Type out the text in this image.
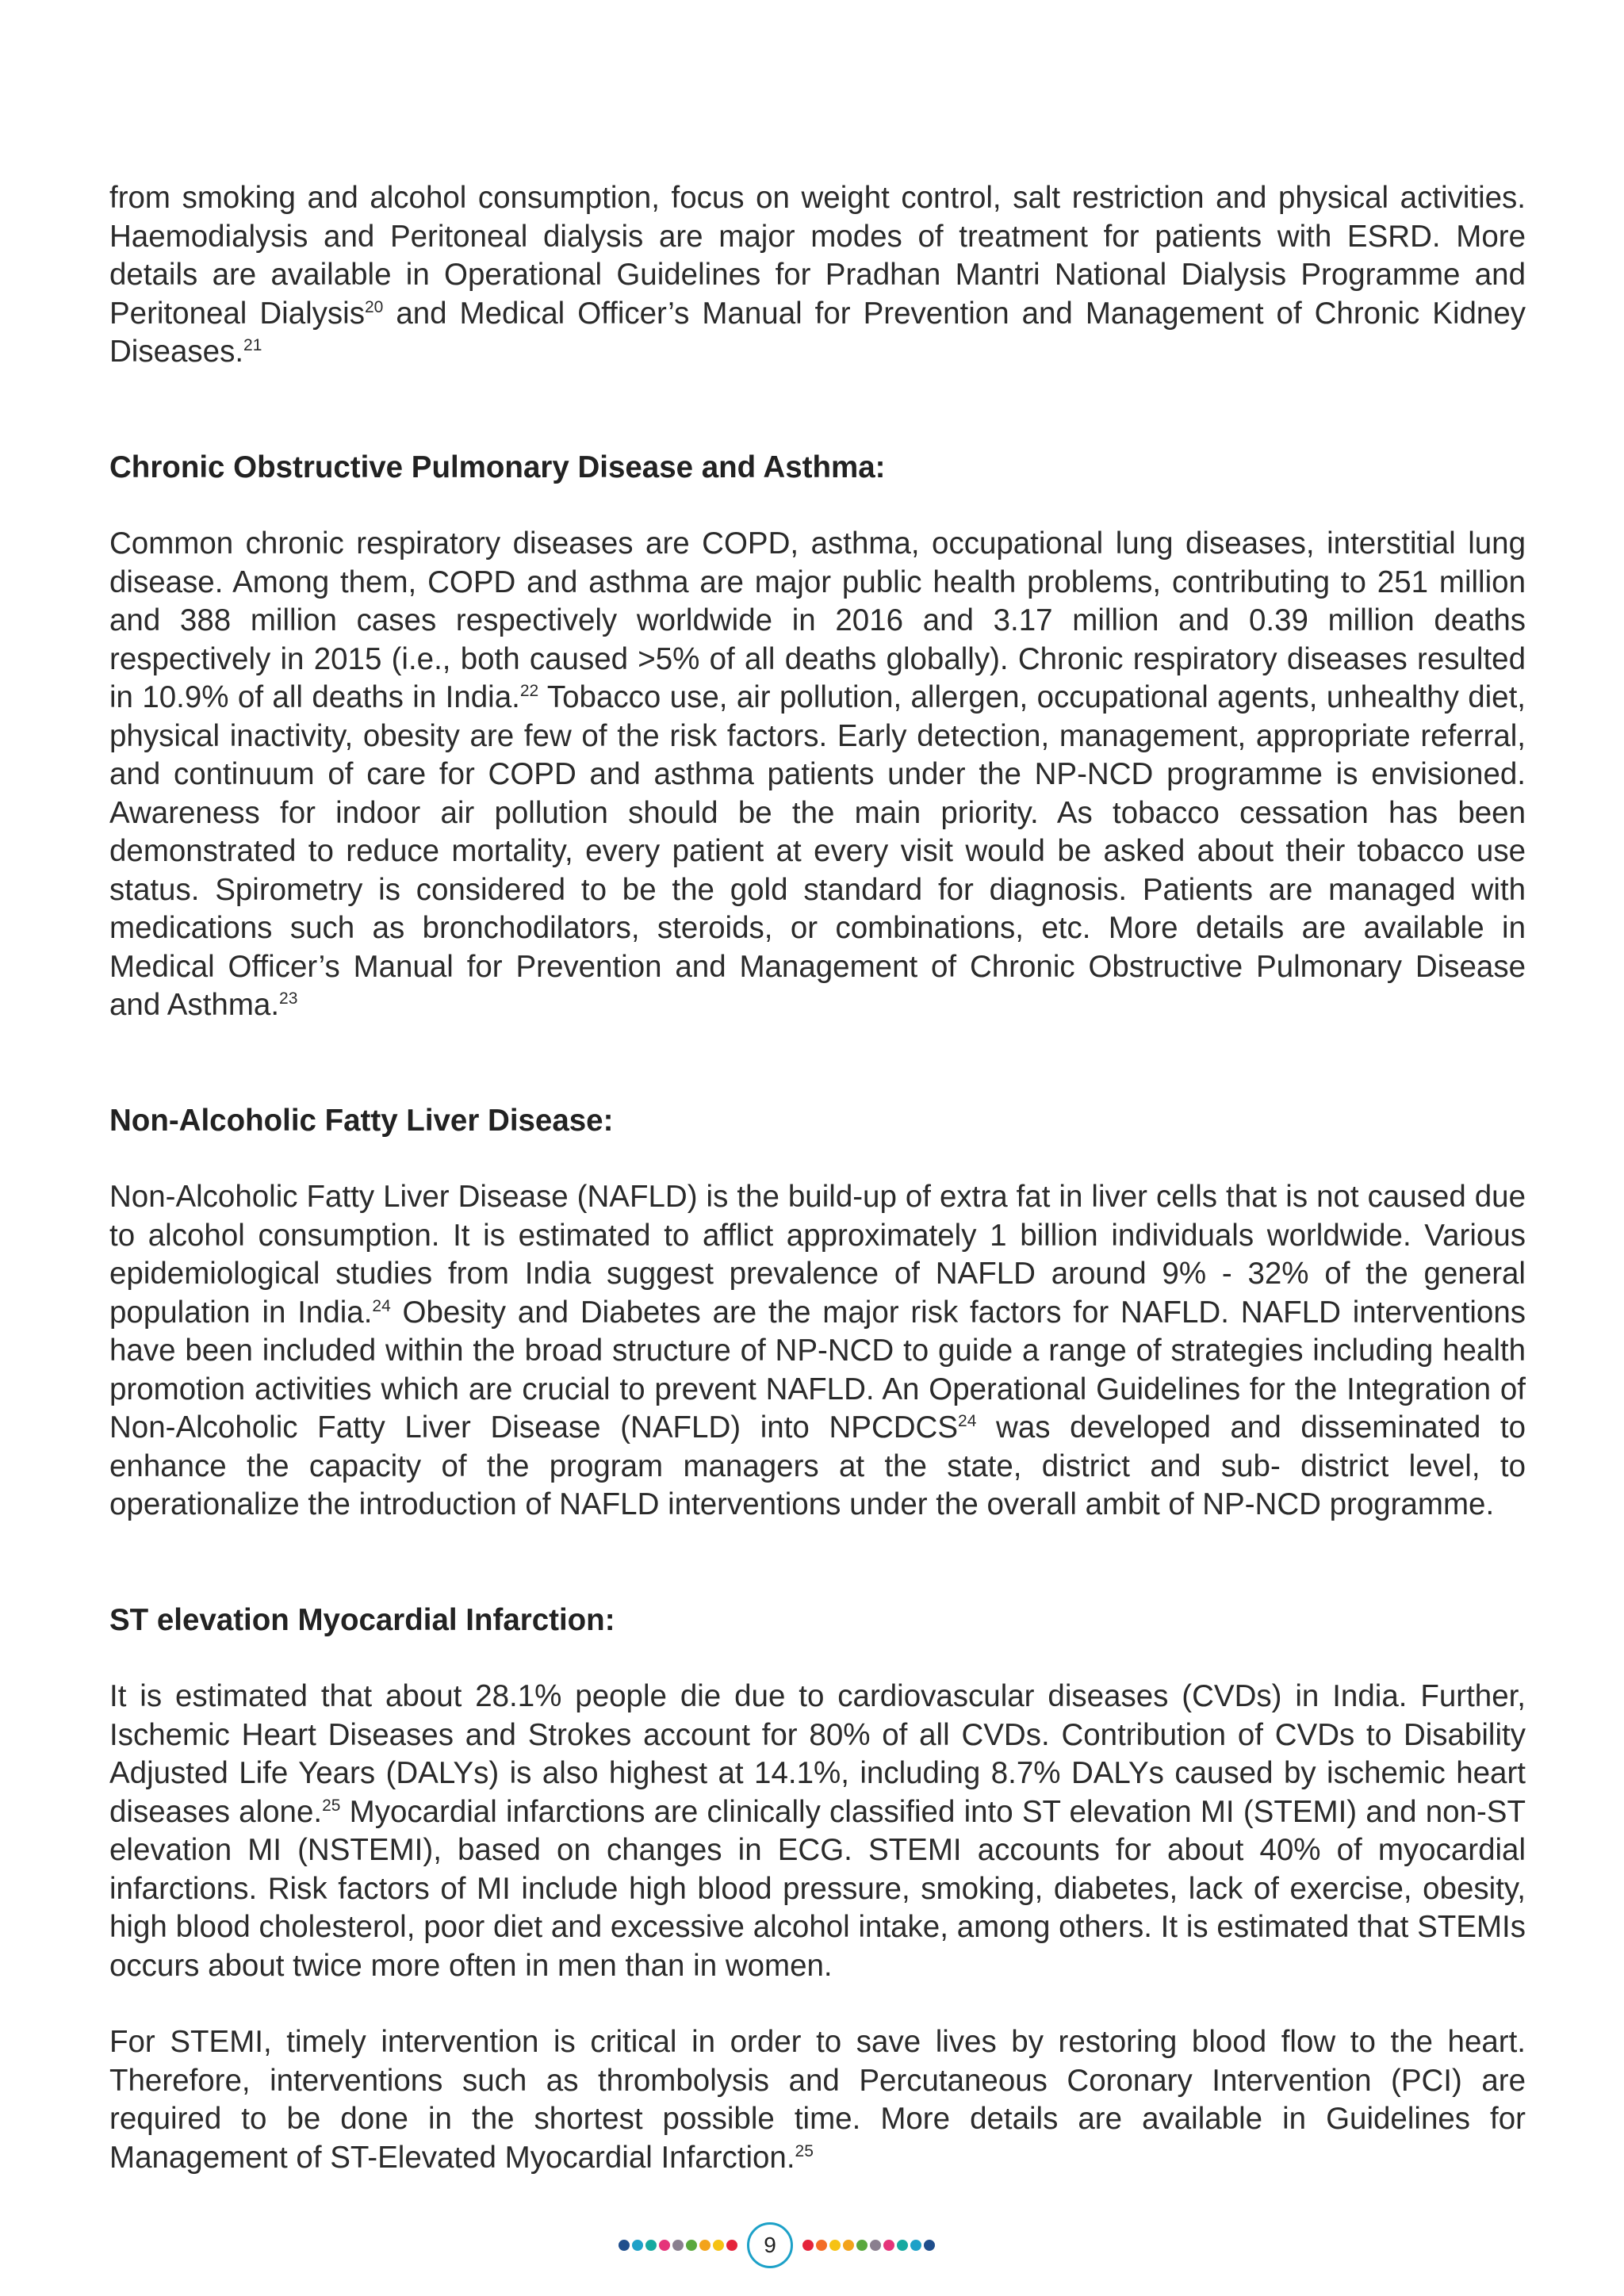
from smoking and alcohol consumption, focus on weight control, salt restriction and physical activities. Haemodialysis and Peritoneal dialysis are major modes of treatment for patients with ESRD. More details are available in Operational Guidelines for Pradhan Mantri National Dialysis Programme and Peritoneal Dialysis$^{20}$ and Medical Officer’s Manual for Prevention and Management of Chronic Kidney Diseases.$^{21}$

Chronic Obstructive Pulmonary Disease and Asthma:

Common chronic respiratory diseases are COPD, asthma, occupational lung diseases, interstitial lung disease. Among them, COPD and asthma are major public health problems, contributing to 251 million and 388 million cases respectively worldwide in 2016 and 3.17 million and 0.39 million deaths respectively in 2015 (i.e., both caused >5% of all deaths globally). Chronic respiratory diseases resulted in 10.9% of all deaths in India.$^{22}$ Tobacco use, air pollution, allergen, occupational agents, unhealthy diet, physical inactivity, obesity are few of the risk factors. Early detection, management, appropriate referral, and continuum of care for COPD and asthma patients under the NP-NCD programme is envisioned. Awareness for indoor air pollution should be the main priority. As tobacco cessation has been demonstrated to reduce mortality, every patient at every visit would be asked about their tobacco use status. Spirometry is considered to be the gold standard for diagnosis. Patients are managed with medications such as bronchodilators, steroids, or combinations, etc. More details are available in Medical Officer’s Manual for Prevention and Management of Chronic Obstructive Pulmonary Disease and Asthma.$^{23}$

Non-Alcoholic Fatty Liver Disease:

Non-Alcoholic Fatty Liver Disease (NAFLD) is the build-up of extra fat in liver cells that is not caused due to alcohol consumption. It is estimated to afflict approximately 1 billion individuals worldwide. Various epidemiological studies from India suggest prevalence of NAFLD around 9% - 32% of the general population in India.$^{24}$ Obesity and Diabetes are the major risk factors for NAFLD. NAFLD interventions have been included within the broad structure of NP-NCD to guide a range of strategies including health promotion activities which are crucial to prevent NAFLD. An Operational Guidelines for the Integration of Non-Alcoholic Fatty Liver Disease (NAFLD) into NPCDCS$^{24}$ was developed and disseminated to enhance the capacity of the program managers at the state, district and sub- district level, to operationalize the introduction of NAFLD interventions under the overall ambit of NP-NCD programme.

ST elevation Myocardial Infarction:

It is estimated that about 28.1% people die due to cardiovascular diseases (CVDs) in India. Further, Ischemic Heart Diseases and Strokes account for 80% of all CVDs. Contribution of CVDs to Disability Adjusted Life Years (DALYs) is also highest at 14.1%, including 8.7% DALYs caused by ischemic heart diseases alone.$^{25}$ Myocardial infarctions are clinically classified into ST elevation MI (STEMI) and non-ST elevation MI (NSTEMI), based on changes in ECG. STEMI accounts for about 40% of myocardial infarctions. Risk factors of MI include high blood pressure, smoking, diabetes, lack of exercise, obesity, high blood cholesterol, poor diet and excessive alcohol intake, among others. It is estimated that STEMIs occurs about twice more often in men than in women.

For STEMI, timely intervention is critical in order to save lives by restoring blood flow to the heart. Therefore, interventions such as thrombolysis and Percutaneous Coronary Intervention (PCI) are required to be done in the shortest possible time. More details are available in Guidelines for Management of ST-Elevated Myocardial Infarction.$^{25}$

9
